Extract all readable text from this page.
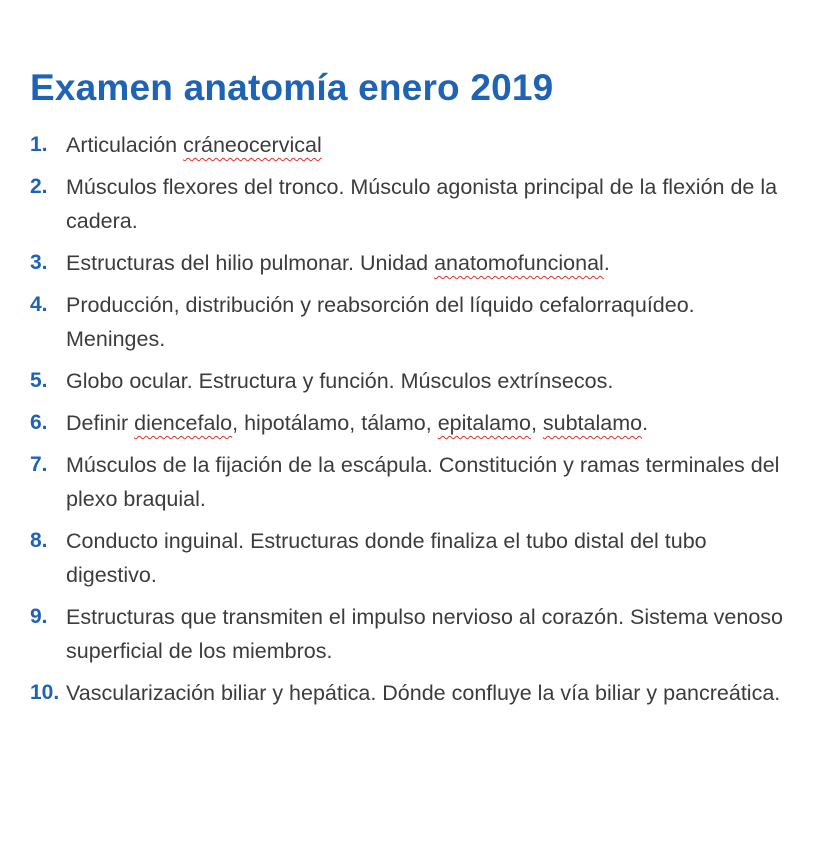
Examen anatomía enero 2019
1. Articulación cráneocervical
2. Músculos flexores del tronco. Músculo agonista principal de la flexión de la cadera.
3. Estructuras del hilio pulmonar. Unidad anatomofuncional.
4. Producción, distribución y reabsorción del líquido cefalorraquídeo. Meninges.
5. Globo ocular. Estructura y función. Músculos extrínsecos.
6. Definir diencefalo, hipotálamo, tálamo, epitalamo, subtalamo.
7. Músculos de la fijación de la escápula. Constitución y ramas terminales del plexo braquial.
8. Conducto inguinal. Estructuras donde finaliza el tubo distal del tubo digestivo.
9. Estructuras que transmiten el impulso nervioso al corazón. Sistema venoso superficial de los miembros.
10. Vascularización biliar y hepática. Dónde confluye la vía biliar y pancreática.
